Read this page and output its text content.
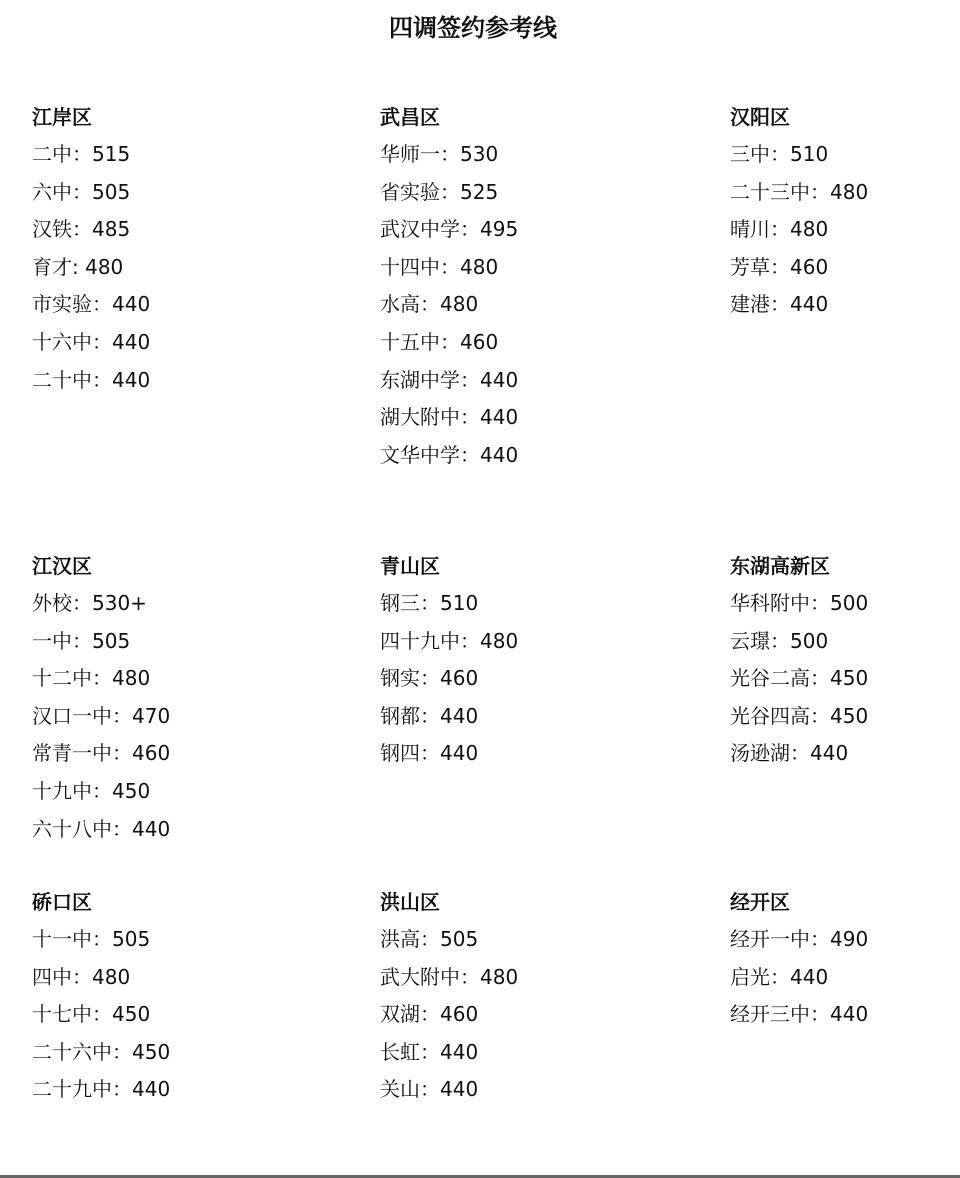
四调签约参考线
江岸区
二中：515
六中：505
汉铁：485
育才: 480
市实验：440
十六中：440
二十中：440
武昌区
华师一：530
省实验：525
武汉中学：495
十四中：480
水高：480
十五中：460
东湖中学：440
湖大附中：440
文华中学：440
汉阳区
三中：510
二十三中：480
晴川：480
芳草：460
建港：440
江汉区
外校：530+
一中：505
十二中：480
汉口一中：470
常青一中：460
十九中：450
六十八中：440
青山区
钢三：510
四十九中：480
钢实：460
钢都：440
钢四：440
东湖高新区
华科附中：500
云璟：500
光谷二高：450
光谷四高：450
汤逊湖：440
硚口区
十一中：505
四中：480
十七中：450
二十六中：450
二十九中：440
洪山区
洪高：505
武大附中：480
双湖：460
长虹：440
关山：440
经开区
经开一中：490
启光：440
经开三中：440
